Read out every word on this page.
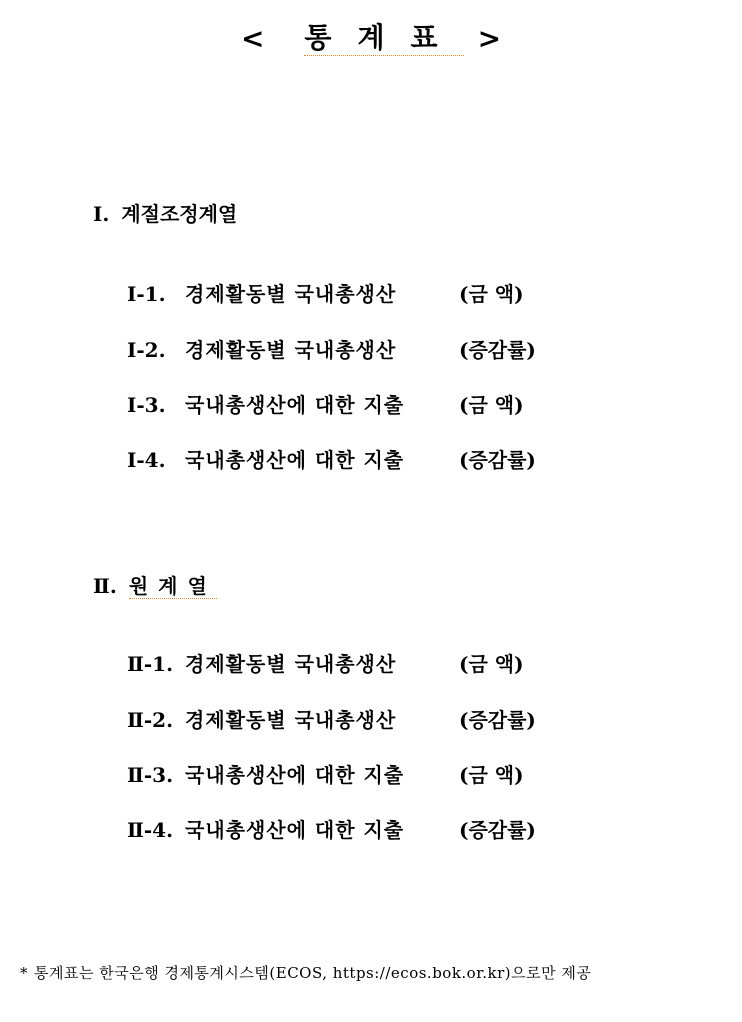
< 통계표 >
Ⅰ. 계절조정계열
Ⅰ-1. 경제활동별 국내총생산	(금 액)
Ⅰ-2. 경제활동별 국내총생산	(증감률)
Ⅰ-3. 국내총생산에 대한 지출	(금 액)
Ⅰ-4. 국내총생산에 대한 지출	(증감률)
Ⅱ. 원계열
Ⅱ-1. 경제활동별 국내총생산	(금 액)
Ⅱ-2. 경제활동별 국내총생산	(증감률)
Ⅱ-3. 국내총생산에 대한 지출	(금 액)
Ⅱ-4. 국내총생산에 대한 지출	(증감률)
* 통계표는 한국은행 경제통계시스템(ECOS, https://ecos.bok.or.kr)으로만 제공
